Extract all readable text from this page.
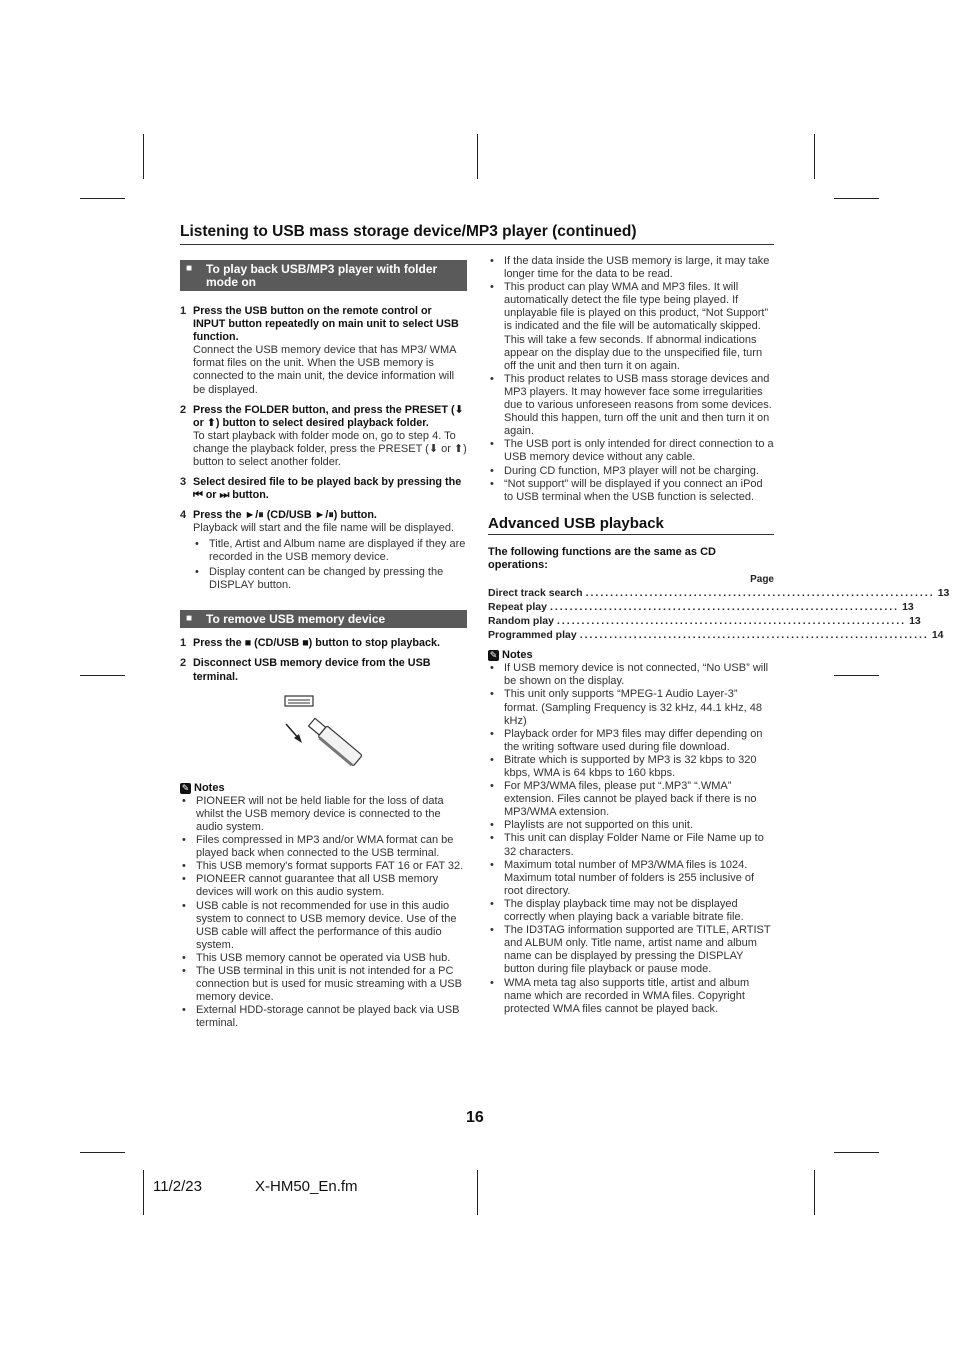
Listening to USB mass storage device/MP3 player (continued)
■ To play back USB/MP3 player with folder mode on
1 Press the USB button on the remote control or INPUT button repeatedly on main unit to select USB function.
Connect the USB memory device that has MP3/ WMA format files on the unit. When the USB memory is connected to the main unit, the device information will be displayed.
2 Press the FOLDER button, and press the PRESET (⬇ or ⬆) button to select desired playback folder.
To start playback with folder mode on, go to step 4. To change the playback folder, press the PRESET (⬇ or ⬆) button to select another folder.
3 Select desired file to be played back by pressing the ⏮ or ⏭ button.
4 Press the ►/⏸ (CD/USB ►/⏸) button.
Playback will start and the file name will be displayed.
• Title, Artist and Album name are displayed if they are recorded in the USB memory device.
• Display content can be changed by pressing the DISPLAY button.
■ To remove USB memory device
1 Press the ■ (CD/USB ■) button to stop playback.
2 Disconnect USB memory device from the USB terminal.
✎ Notes
• PIONEER will not be held liable for the loss of data whilst the USB memory device is connected to the audio system.
• Files compressed in MP3 and/or WMA format can be played back when connected to the USB terminal.
• This USB memory's format supports FAT 16 or FAT 32.
• PIONEER cannot guarantee that all USB memory devices will work on this audio system.
• USB cable is not recommended for use in this audio system to connect to USB memory device. Use of the USB cable will affect the performance of this audio system.
• This USB memory cannot be operated via USB hub.
• The USB terminal in this unit is not intended for a PC connection but is used for music streaming with a USB memory device.
• External HDD-storage cannot be played back via USB terminal.
• If the data inside the USB memory is large, it may take longer time for the data to be read.
• This product can play WMA and MP3 files. It will automatically detect the file type being played. If unplayable file is played on this product, “Not Support” is indicated and the file will be automatically skipped. This will take a few seconds. If abnormal indications appear on the display due to the unspecified file, turn off the unit and then turn it on again.
• This product relates to USB mass storage devices and MP3 players. It may however face some irregularities due to various unforeseen reasons from some devices. Should this happen, turn off the unit and then turn it on again.
• The USB port is only intended for direct connection to a USB memory device without any cable.
• During CD function, MP3 player will not be charging.
• “Not support” will be displayed if you connect an iPod to USB terminal when the USB function is selected.
Advanced USB playback
The following functions are the same as CD operations:
Page
Direct track search ....................................................................... 13
Repeat play ....................................................................... 13
Random play ....................................................................... 13
Programmed play ....................................................................... 14
✎ Notes
• If USB memory device is not connected, “No USB” will be shown on the display.
• This unit only supports “MPEG-1 Audio Layer-3” format. (Sampling Frequency is 32 kHz, 44.1 kHz, 48 kHz)
• Playback order for MP3 files may differ depending on the writing software used during file download.
• Bitrate which is supported by MP3 is 32 kbps to 320 kbps, WMA is 64 kbps to 160 kbps.
• For MP3/WMA files, please put “.MP3” “.WMA” extension. Files cannot be played back if there is no MP3/WMA extension.
• Playlists are not supported on this unit.
• This unit can display Folder Name or File Name up to 32 characters.
• Maximum total number of MP3/WMA files is 1024. Maximum total number of folders is 255 inclusive of root directory.
• The display playback time may not be displayed correctly when playing back a variable bitrate file.
• The ID3TAG information supported are TITLE, ARTIST and ALBUM only. Title name, artist name and album name can be displayed by pressing the DISPLAY button during file playback or pause mode.
• WMA meta tag also supports title, artist and album name which are recorded in WMA files. Copyright protected WMA files cannot be played back.
16
11/2/23	X-HM50_En.fm
